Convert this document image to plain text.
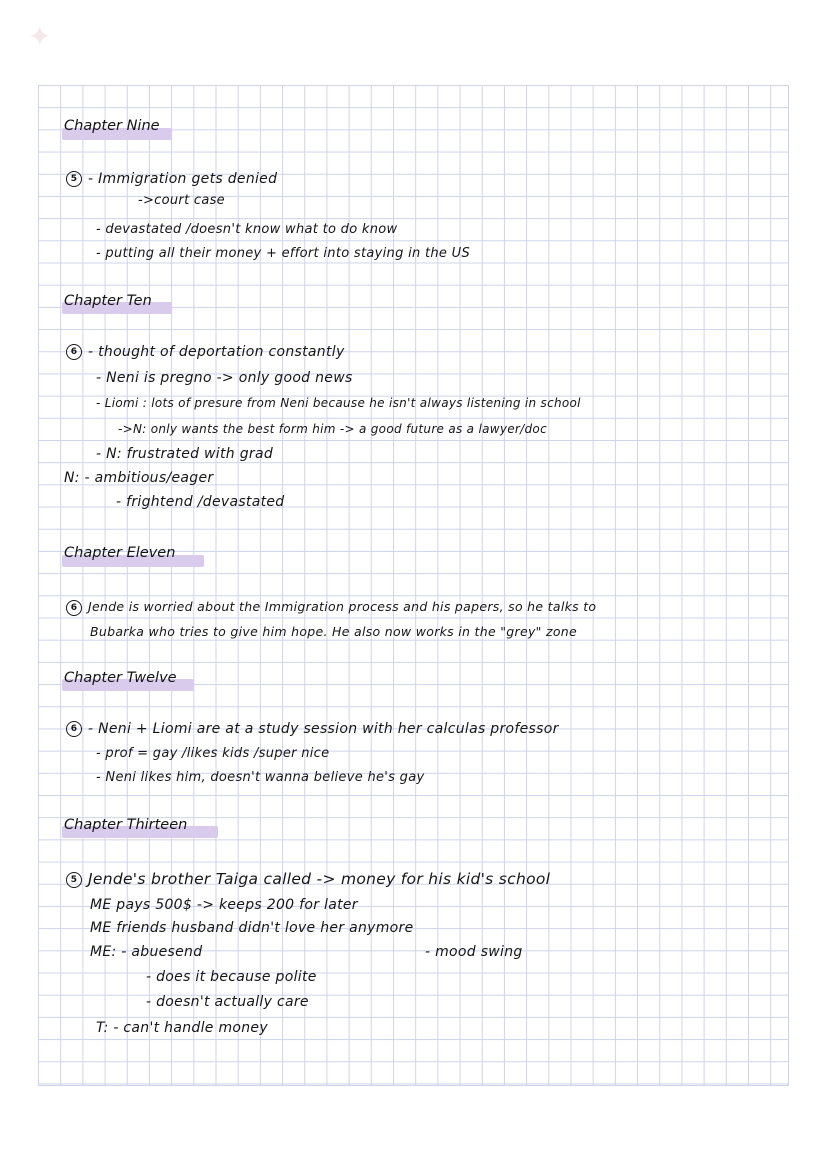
✦
Chapter Nine
5 - Immigration gets denied
->court case
- devastated /doesn't know what to do know
- putting all their money + effort into staying in the US
Chapter Ten
6 - thought of deportation constantly
- Neni is pregno -> only good news
- Liomi : lots of presure from Neni because he isn't always listening in school
->N: only wants the best form him -> a good future as a lawyer/doc
- N: frustrated with grad
N: - ambitious/eager
- frightend /devastated
Chapter Eleven
6 Jende is worried about the Immigration process and his papers, so he talks to
Bubarka who tries to give him hope. He also now works in the "grey" zone
Chapter Twelve
6 - Neni + Liomi are at a study session with her calculas professor
- prof = gay /likes kids /super nice
- Neni likes him, doesn't wanna believe he's gay
Chapter Thirteen
5 Jende's brother Taiga called -> money for his kid's school
ME pays 500$ -> keeps 200 for later
ME friends husband didn't love her anymore
ME: - abuesend	- mood swing
- does it because polite
- doesn't actually care
T: - can't handle money
